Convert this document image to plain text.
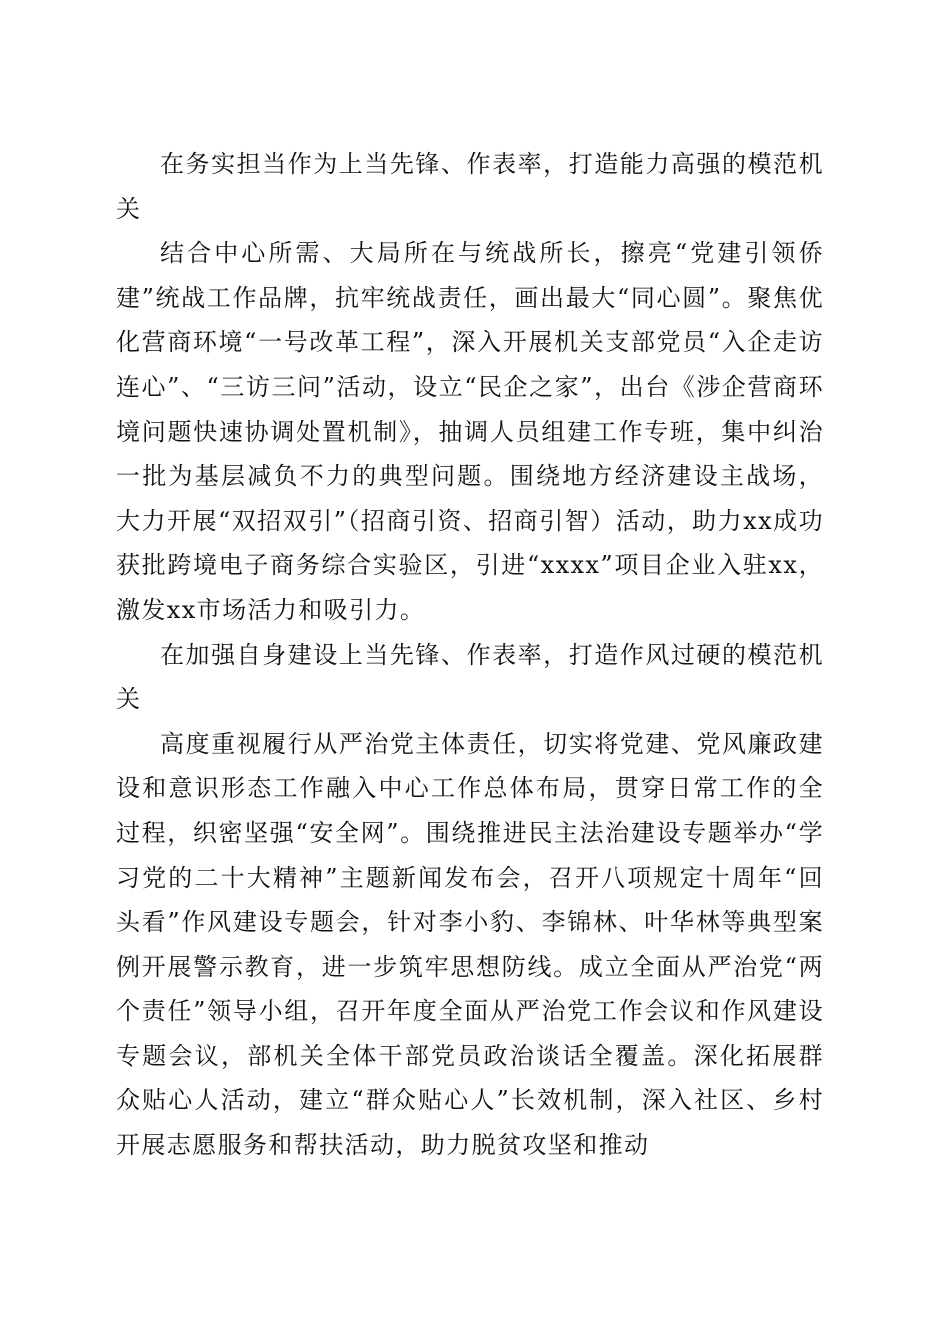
在务实担当作为上当先锋、作表率，打造能力高强的模范机关

结合中心所需、大局所在与统战所长，擦亮“党建引领侨建”统战工作品牌，抗牢统战责任，画出最大“同心圆”。聚焦优化营商环境“一号改革工程”，深入开展机关支部党员“入企走访连心”、“三访三问”活动，设立“民企之家”，出台《涉企营商环境问题快速协调处置机制》，抽调人员组建工作专班，集中纠治一批为基层减负不力的典型问题。围绕地方经济建设主战场，大力开展“双招双引”（招商引资、招商引智）活动，助力xx成功获批跨境电子商务综合实验区，引进“xxxx”项目企业入驻xx，激发xx市场活力和吸引力。

在加强自身建设上当先锋、作表率，打造作风过硬的模范机关

高度重视履行从严治党主体责任，切实将党建、党风廉政建设和意识形态工作融入中心工作总体布局，贯穿日常工作的全过程，织密坚强“安全网”。围绕推进民主法治建设专题举办“学习党的二十大精神”主题新闻发布会，召开八项规定十周年“回头看”作风建设专题会，针对李小豹、李锦林、叶华林等典型案例开展警示教育，进一步筑牢思想防线。成立全面从严治党“两个责任”领导小组，召开年度全面从严治党工作会议和作风建设专题会议，部机关全体干部党员政治谈话全覆盖。深化拓展群众贴心人活动，建立“群众贴心人”长效机制，深入社区、乡村开展志愿服务和帮扶活动，助力脱贫攻坚和推动
